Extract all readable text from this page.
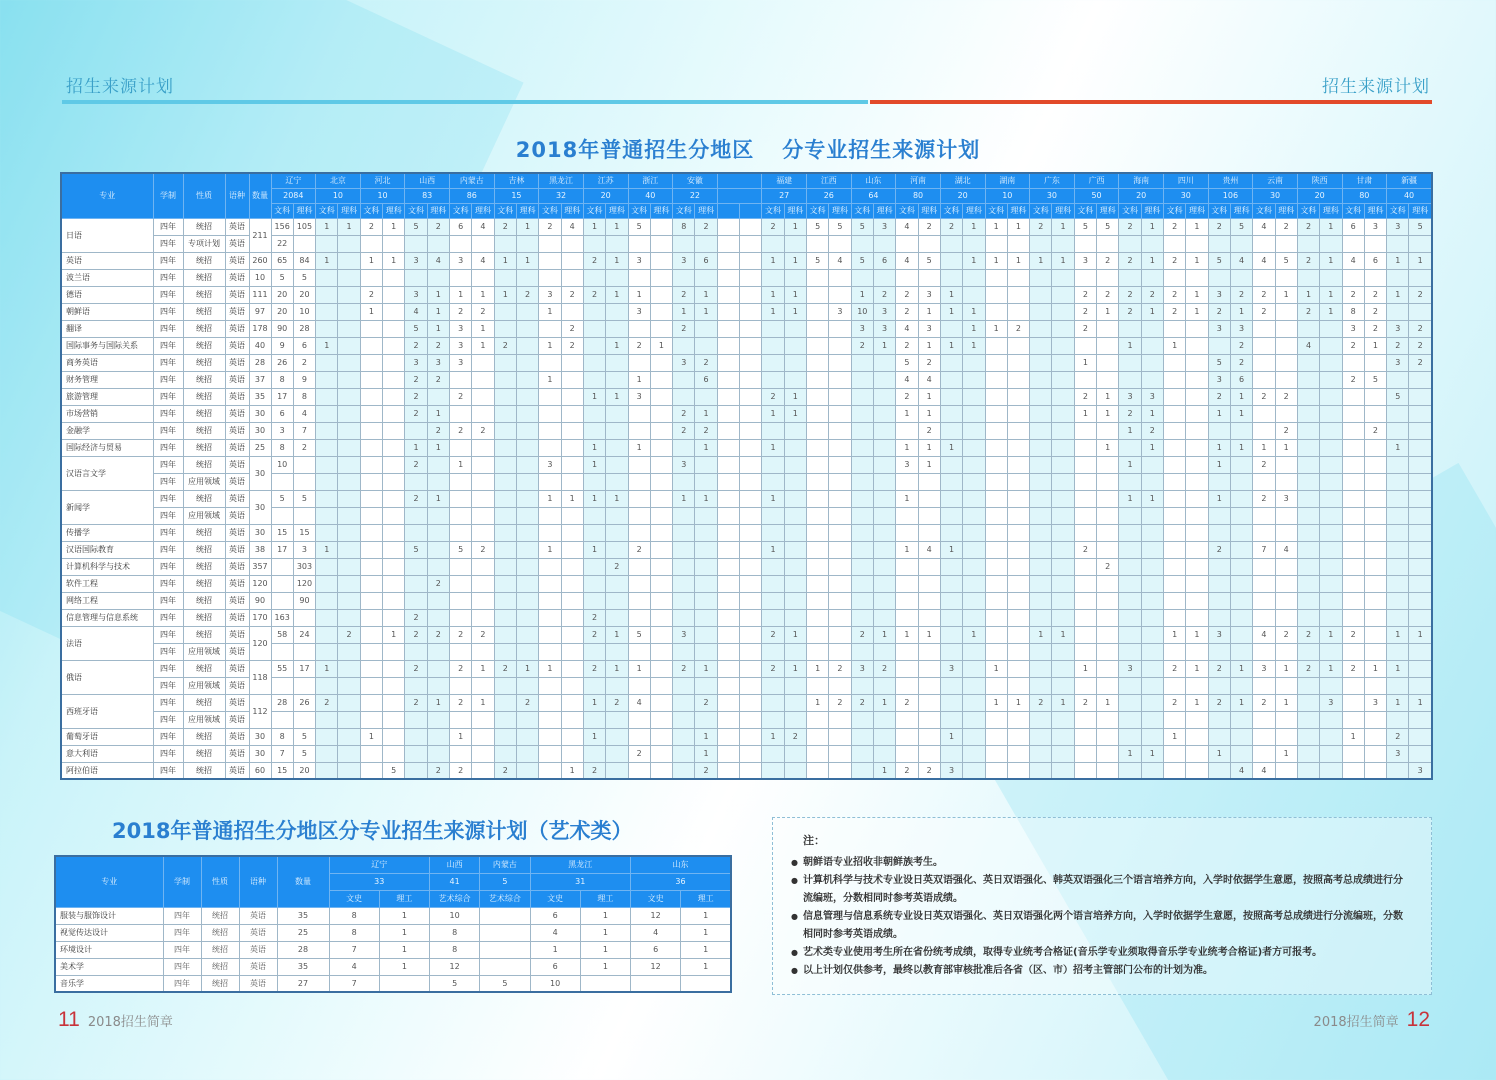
招生来源计划	招生来源计划
2018年普通招生分地区 分专业招生来源计划
专业	学制	性质	语种	数量	辽宁		北京		河北		山西		内蒙古		吉林		黑龙江		江苏		浙江		安徽				福建		江西		山东		河南		湖北		湖南		广东		广西		海南		四川		贵州		云南		陕西		甘肃		新疆	
					2084		10		10		83		86		15		32		20		40		22				27		26		64		80		20		10		30		50		20		30		106		30		20		80		40	
					文科	理科	文科	理科	文科	理科	文科	理科	文科	理科	文科	理科	文科	理科	文科	理科	文科	理科	文科	理科			文科	理科	文科	理科	文科	理科	文科	理科	文科	理科	文科	理科	文科	理科	文科	理科	文科	理科	文科	理科	文科	理科	文科	理科	文科	理科	文科	理科	文科	理科
日语	四年	统招	英语	211	156	105	1	1	2	1	5	2	6	4	2	1	2	4	1	1	5		8	2			2	1	5	5	5	3	4	2	2	1	1	1	2	1	5	5	2	1	2	1	2	5	4	2	2	1	6	3	3	5
	四年	专项计划	英语		22																																																			
英语	四年	统招	英语	260	65	84	1		1	1	3	4	3	4	1	1			2	1	3		3	6			1	1	5	4	5	6	4	5		1	1	1	1	1	3	2	2	1	2	1	5	4	4	5	2	1	4	6	1	1
波兰语	四年	统招	英语	10	5	5																																																		
德语	四年	统招	英语	111	20	20			2		3	1	1	1	1	2	3	2	2	1	1		2	1			1	1			1	2	2	3	1						2	2	2	2	2	1	3	2	2	1	1	1	2	2	1	2
朝鲜语	四年	统招	英语	97	20	10			1		4	1	2	2			1				3		1	1			1	1		3	10	3	2	1	1	1					2	1	2	1	2	1	2	1	2		2	1	8	2		
翻译	四年	统招	英语	178	90	28					5	1	3	1				2					2								3	3	4	3		1	1	2			2						3	3					3	2	3	2
国际事务与国际关系	四年	统招	英语	40	9	6	1				2	2	3	1	2		1	2		1	2	1									2	1	2	1	1	1							1		1			2			4		2	1	2	2
商务英语	四年	统招	英语	28	26	2					3	3	3										3	2									5	2							1						5	2							3	2
财务管理	四年	统招	英语	37	8	9					2	2					1				1			6									4	4													3	6					2	5		
旅游管理	四年	统招	英语	35	17	8					2		2						1	1	3						2	1					2	1							2	1	3	3			2	1	2	2					5	
市场营销	四年	统招	英语	30	6	4					2	1											2	1			1	1					1	1							1	1	2	1			1	1								
金融学	四年	统招	英语	30	3	7						2	2	2									2	2										2									1	2						2				2		
国际经济与贸易	四年	统招	英语	25	8	2					1	1							1		1			1			1						1	1	1							1		1			1	1	1	1					1	
汉语言文学	四年	统招	英语	30	10						2		1				3		1				3										3	1									1				1		2							
	四年	应用领域	英语																																																					
新闻学	四年	统招	英语	30	5	5					2	1					1	1	1	1			1	1			1						1										1	1			1		2	3						
	四年	应用领域	英语																																																					
传播学	四年	统招	英语	30	15	15																																																		
汉语国际教育	四年	统招	英语	38	17	3	1				5		5	2			1		1		2						1						1	4	1						2						2		7	4						
计算机科学与技术	四年	统招	英语	357		303														2																						2														
软件工程	四年	统招	英语	120		120						2																																												
网络工程	四年	统招	英语	90		90																																																		
信息管理与信息系统	四年	统招	英语	170	163						2								2																																					
法语	四年	统招	英语	120	58	24		2		1	2	2	2	2					2	1	5		3				2	1			2	1	1	1		1			1	1					1	1	3		4	2	2	1	2		1	1
	四年	应用领域	英语																																																					
俄语	四年	统招	英语	118	55	17	1				2		2	1	2	1	1		2	1	1		2	1			2	1	1	2	3	2			3		1				1		3		2	1	2	1	3	1	2	1	2	1	1	
	四年	应用领域	英语																																																					
西班牙语	四年	统招	英语	112	28	26	2				2	1	2	1		2			1	2	4			2					1	2	2	1	2				1	1	2	1	2	1			2	1	2	1	2	1		3		3	1	1
	四年	应用领域	英语																																																					
葡萄牙语	四年	统招	英语	30	8	5			1				1						1					1			1	2							1										1								1		2	
意大利语	四年	统招	英语	30	7	5															2			1																			1	1			1			1					3	
阿拉伯语	四年	统招	英语	60	15	20				5		2	2		2			1	2					2								1	2	2	3													4	4							3
2018年普通招生分地区分专业招生来源计划（艺术类）
专业	学制	性质	语种	数量	辽宁		山西	内蒙古	黑龙江		山东	
					33		41	5	31		36	
					文史	理工	艺术综合	艺术综合	文史	理工	文史	理工
服装与服饰设计	四年	统招	英语	35	8	1	10		6	1	12	1
视觉传达设计	四年	统招	英语	25	8	1	8		4	1	4	1
环境设计	四年	统招	英语	28	7	1	8		1	1	6	1
美术学	四年	统招	英语	35	4	1	12		6	1	12	1
音乐学	四年	统招	英语	27	7		5	5	10			
注：
● 朝鲜语专业招收非朝鲜族考生。
● 计算机科学与技术专业设日英双语强化、英日双语强化、韩英双语强化三个语言培养方向，入学时依据学生意愿，按照高考总成绩进行分流编班，分数相同时参考英语成绩。
● 信息管理与信息系统专业设日英双语强化、英日双语强化两个语言培养方向，入学时依据学生意愿，按照高考总成绩进行分流编班，分数相同时参考英语成绩。
● 艺术类专业使用考生所在省份统考成绩，取得专业统考合格证(音乐学专业须取得音乐学专业统考合格证)者方可报考。
● 以上计划仅供参考，最终以教育部审核批准后各省（区、市）招考主管部门公布的计划为准。
11 2018招生简章	2018招生简章 12
